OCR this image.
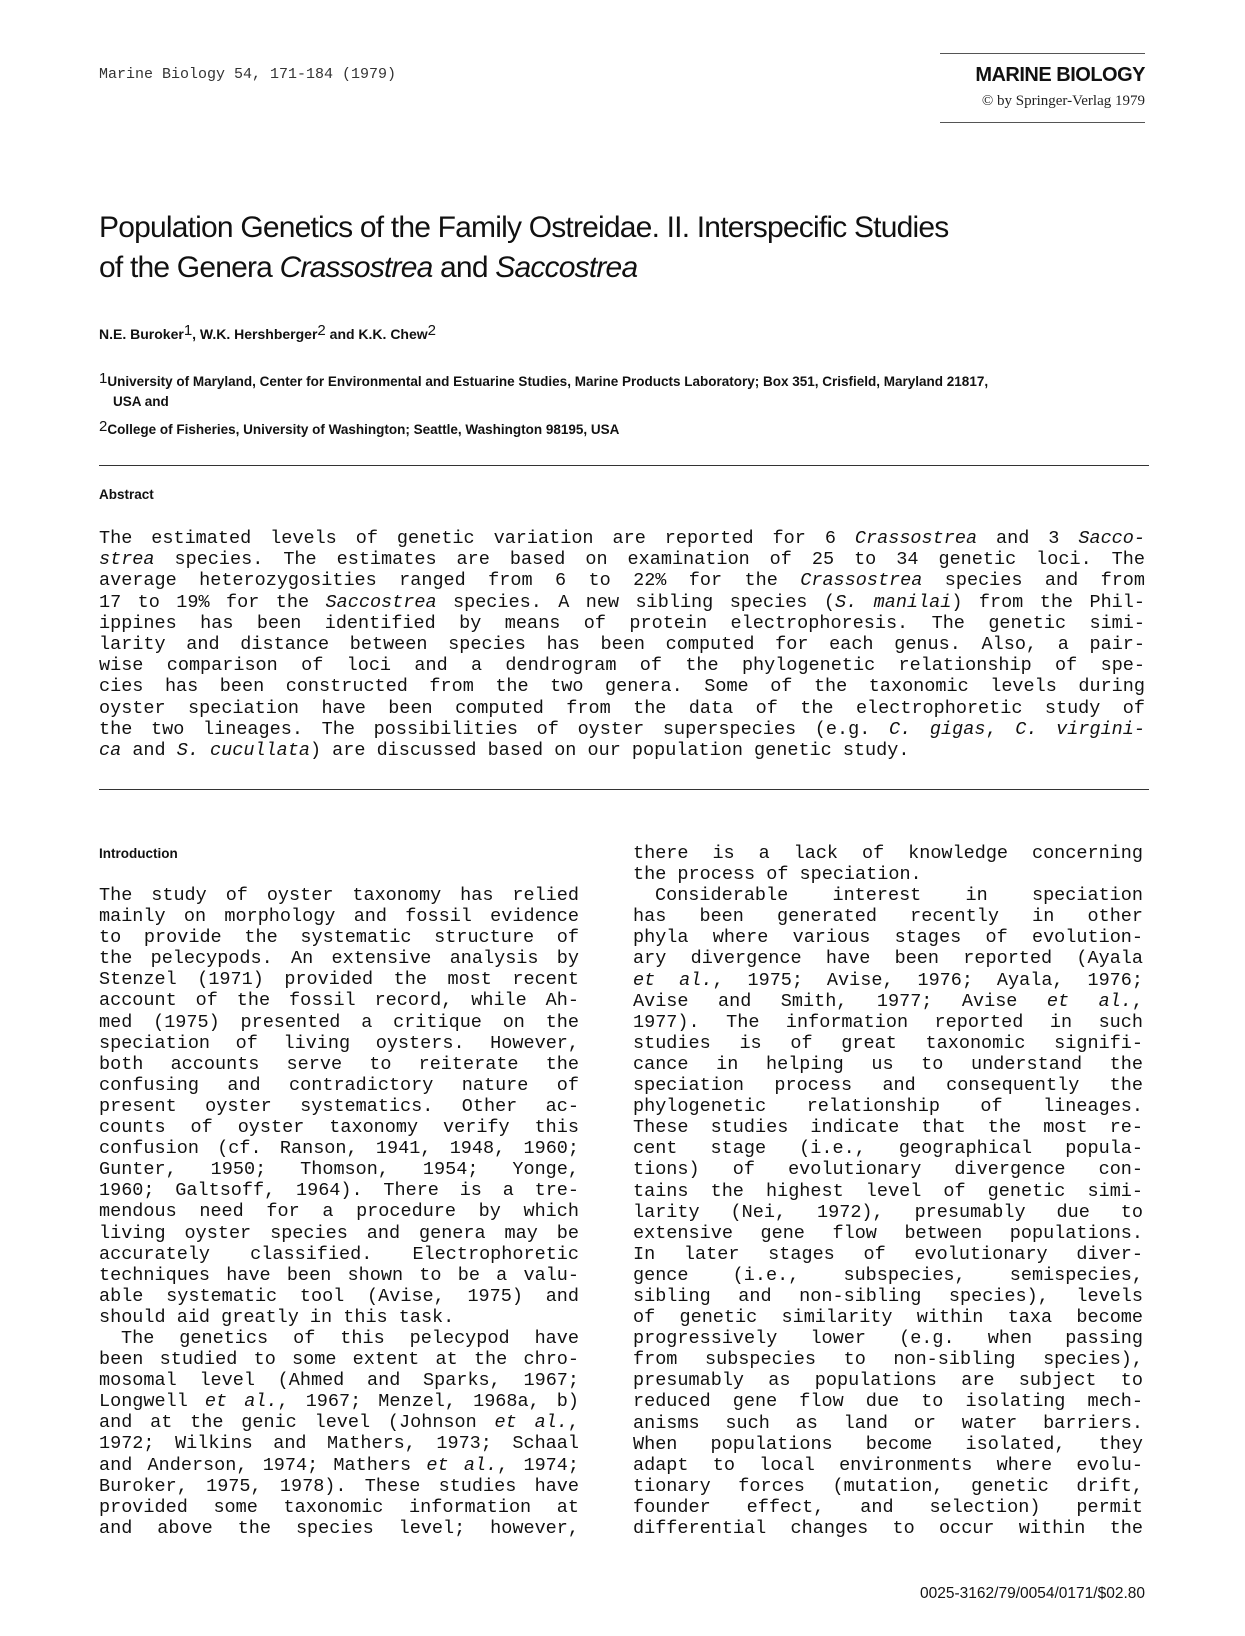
Marine Biology 54, 171-184 (1979)	MARINE BIOLOGY
© by Springer-Verlag 1979
Population Genetics of the Family Ostreidae. II. Interspecific Studies
of the Genera Crassostrea and Saccostrea
N.E. Buroker$^1$, W.K. Hershberger$^2$ and K.K. Chew$^2$
$^1$University of Maryland, Center for Environmental and Estuarine Studies, Marine Products Laboratory; Box 351, Crisfield, Maryland 21817,
USA and
$^2$College of Fisheries, University of Washington; Seattle, Washington 98195, USA
Abstract
The estimated levels of genetic variation are reported for 6 Crassostrea and 3 Sacco-
strea species. The estimates are based on examination of 25 to 34 genetic loci. The
average heterozygosities ranged from 6 to 22% for the Crassostrea species and from
17 to 19% for the Saccostrea species. A new sibling species (S. manilai) from the Phil-
ippines has been identified by means of protein electrophoresis. The genetic simi-
larity and distance between species has been computed for each genus. Also, a pair-
wise comparison of loci and a dendrogram of the phylogenetic relationship of spe-
cies has been constructed from the two genera. Some of the taxonomic levels during
oyster speciation have been computed from the data of the electrophoretic study of
the two lineages. The possibilities of oyster superspecies (e.g. C. gigas, C. virgini-
ca and S. cucullata) are discussed based on our population genetic study.
Introduction
The study of oyster taxonomy has relied
mainly on morphology and fossil evidence
to provide the systematic structure of
the pelecypods. An extensive analysis by
Stenzel (1971) provided the most recent
account of the fossil record, while Ah-
med (1975) presented a critique on the
speciation of living oysters. However,
both accounts serve to reiterate the
confusing and contradictory nature of
present oyster systematics. Other ac-
counts of oyster taxonomy verify this
confusion (cf. Ranson, 1941, 1948, 1960;
Gunter, 1950; Thomson, 1954; Yonge,
1960; Galtsoff, 1964). There is a tre-
mendous need for a procedure by which
living oyster species and genera may be
accurately classified. Electrophoretic
techniques have been shown to be a valu-
able systematic tool (Avise, 1975) and
should aid greatly in this task.
The genetics of this pelecypod have
been studied to some extent at the chro-
mosomal level (Ahmed and Sparks, 1967;
Longwell et al., 1967; Menzel, 1968a, b)
and at the genic level (Johnson et al.,
1972; Wilkins and Mathers, 1973; Schaal
and Anderson, 1974; Mathers et al., 1974;
Buroker, 1975, 1978). These studies have
provided some taxonomic information at
and above the species level; however,
there is a lack of knowledge concerning
the process of speciation.
Considerable interest in speciation
has been generated recently in other
phyla where various stages of evolution-
ary divergence have been reported (Ayala
et al., 1975; Avise, 1976; Ayala, 1976;
Avise and Smith, 1977; Avise et al.,
1977). The information reported in such
studies is of great taxonomic signifi-
cance in helping us to understand the
speciation process and consequently the
phylogenetic relationship of lineages.
These studies indicate that the most re-
cent stage (i.e., geographical popula-
tions) of evolutionary divergence con-
tains the highest level of genetic simi-
larity (Nei, 1972), presumably due to
extensive gene flow between populations.
In later stages of evolutionary diver-
gence (i.e., subspecies, semispecies,
sibling and non-sibling species), levels
of genetic similarity within taxa become
progressively lower (e.g. when passing
from subspecies to non-sibling species),
presumably as populations are subject to
reduced gene flow due to isolating mech-
anisms such as land or water barriers.
When populations become isolated, they
adapt to local environments where evolu-
tionary forces (mutation, genetic drift,
founder effect, and selection) permit
differential changes to occur within the
0025-3162/79/0054/0171/$02.80
